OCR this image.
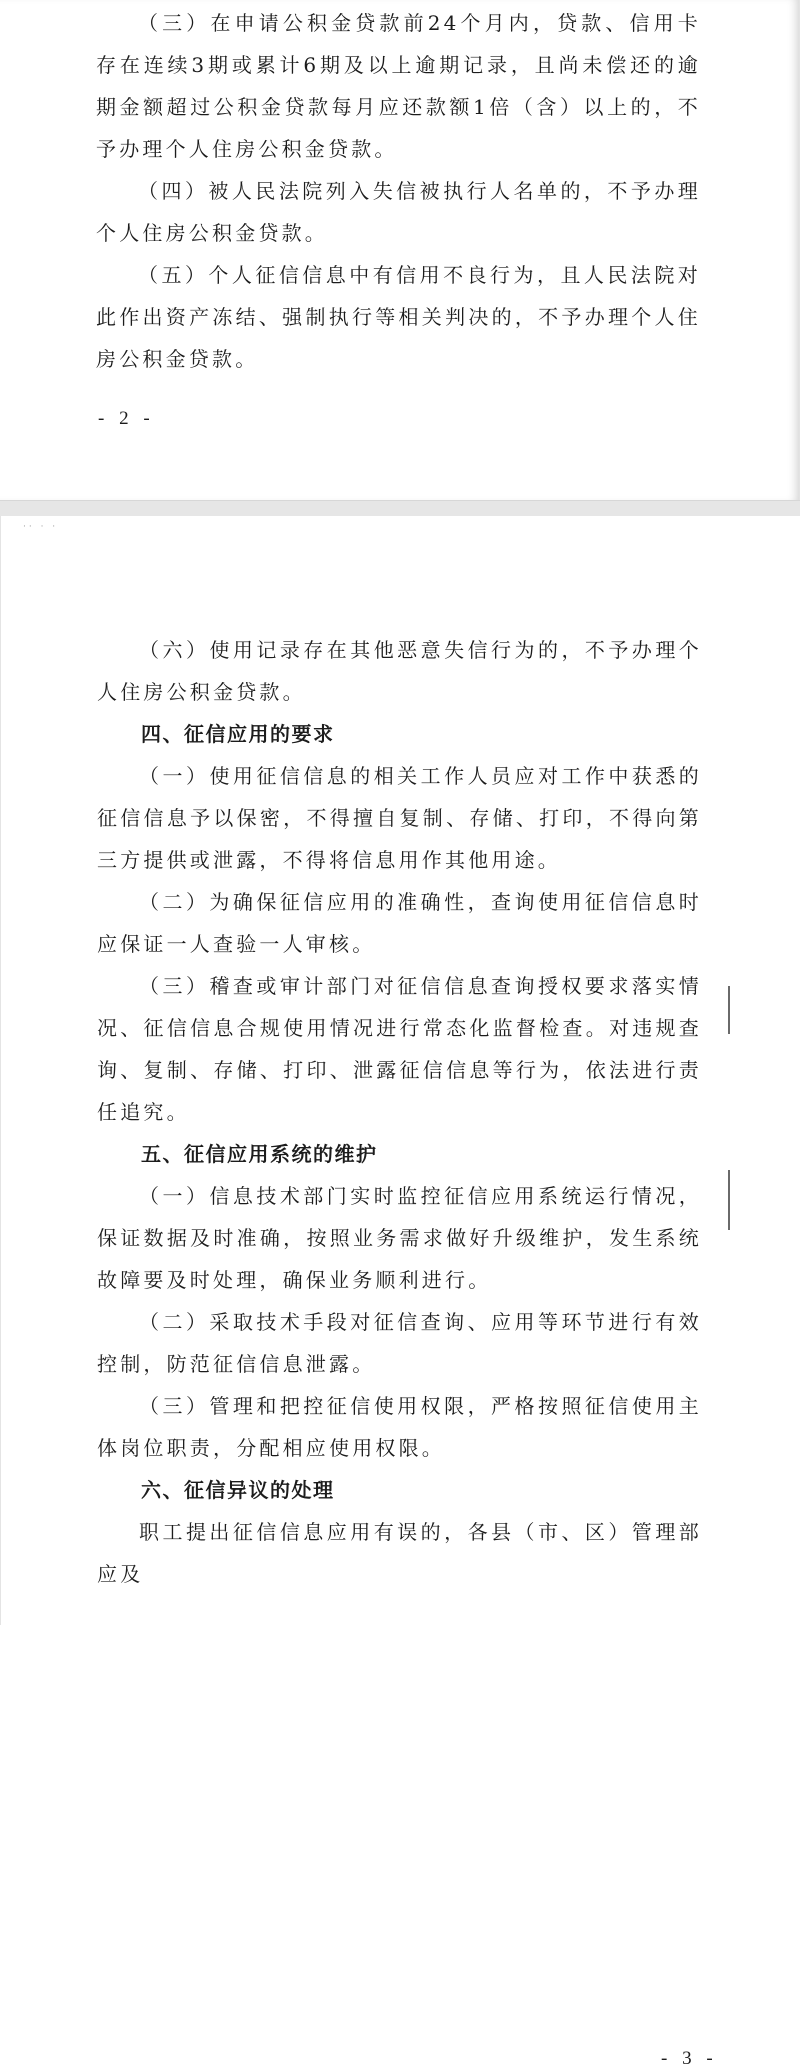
（三）在申请公积金贷款前24个月内，贷款、信用卡存在连续3期或累计6期及以上逾期记录，且尚未偿还的逾期金额超过公积金贷款每月应还款额1倍（含）以上的，不予办理个人住房公积金贷款。

（四）被人民法院列入失信被执行人名单的，不予办理个人住房公积金贷款。

（五）个人征信信息中有信用不良行为，且人民法院对此作出资产冻结、强制执行等相关判决的，不予办理个人住房公积金贷款。

- 2 -
·· · ·

（六）使用记录存在其他恶意失信行为的，不予办理个人住房公积金贷款。

四、征信应用的要求

（一）使用征信信息的相关工作人员应对工作中获悉的征信信息予以保密，不得擅自复制、存储、打印，不得向第三方提供或泄露，不得将信息用作其他用途。

（二）为确保征信应用的准确性，查询使用征信信息时应保证一人查验一人审核。

（三）稽查或审计部门对征信信息查询授权要求落实情况、征信信息合规使用情况进行常态化监督检查。对违规查询、复制、存储、打印、泄露征信信息等行为，依法进行责任追究。

五、征信应用系统的维护

（一）信息技术部门实时监控征信应用系统运行情况，保证数据及时准确，按照业务需求做好升级维护，发生系统故障要及时处理，确保业务顺利进行。

（二）采取技术手段对征信查询、应用等环节进行有效控制，防范征信信息泄露。

（三）管理和把控征信使用权限，严格按照征信使用主体岗位职责，分配相应使用权限。

六、征信异议的处理

职工提出征信信息应用有误的，各县（市、区）管理部应及

- 3 -
